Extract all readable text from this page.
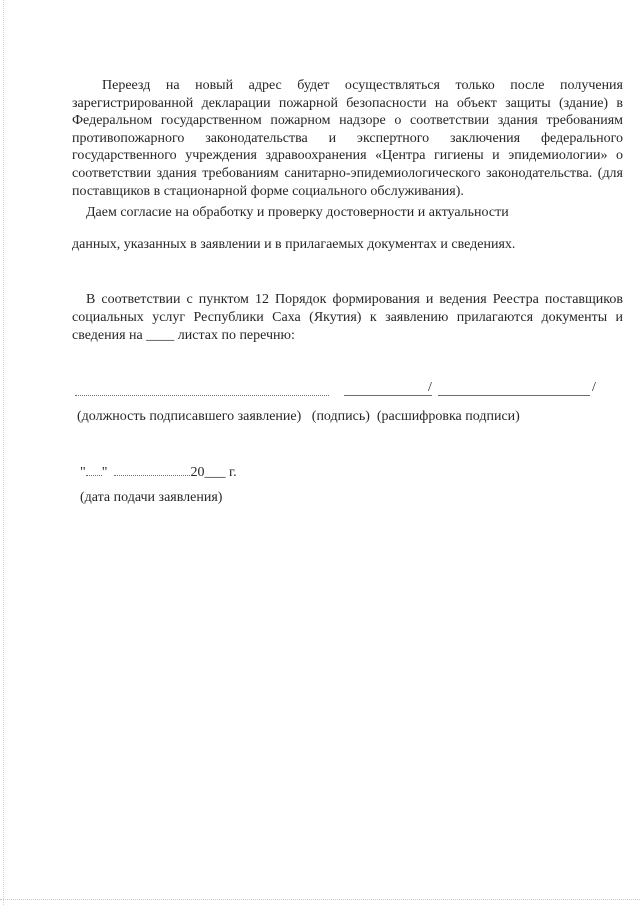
Переезд на новый адрес будет осуществляться только после получения зарегистрированной декларации пожарной безопасности на объект защиты (здание) в Федеральном государственном пожарном надзоре о соответствии здания требованиям противопожарного законодательства и экспертного заключения федерального государственного учреждения здравоохранения «Центра гигиены и эпидемиологии» о соответствии здания требованиям санитарно-эпидемиологического законодательства. (для поставщиков в стационарной форме социального обслуживания).

Даем согласие на обработку и проверку достоверности и актуальности

данных, указанных в заявлении и в прилагаемых документах и сведениях.

В соответствии с пунктом 12 Порядок формирования и ведения Реестра поставщиков социальных услуг Республики Саха (Якутия) к заявлению прилагаются документы и сведения на ____ листах по перечню:

/	/
(должность подписавшего заявление)   (подпись)  (расшифровка подписи)
" "	20___ г.
(дата подачи заявления)
